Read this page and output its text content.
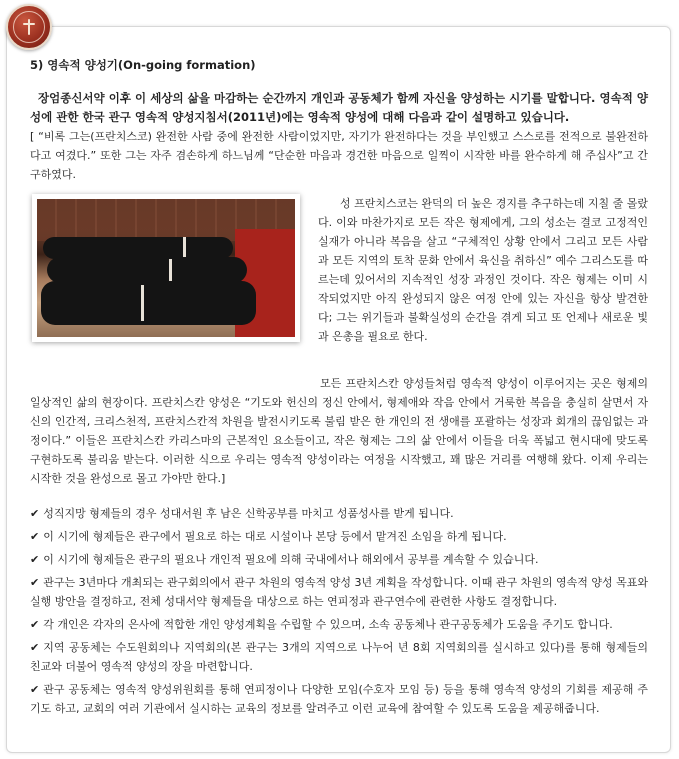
5) 영속적 양성기(On-going formation)

장엄종신서약 이후 이 세상의 삶을 마감하는 순간까지 개인과 공동체가 함께 자신을 양성하는 시기를 말합니다. 영속적 양성에 관한 한국 관구 영속적 양성지침서(2011년)에는 영속적 양성에 대해 다음과 같이 설명하고 있습니다.

[ “비록 그는(프란치스코) 완전한 사람 중에 완전한 사람이었지만, 자기가 완전하다는 것을 부인했고 스스로를 전적으로 불완전하다고 여겼다.” 또한 그는 자주 겸손하게 하느님께 “단순한 마음과 경건한 마음으로 일찍이 시작한 바를 완수하게 해 주십사”고 간구하였다.

성 프란치스코는 완덕의 더 높은 경지를 추구하는데 지칠 줄 몰랐다. 이와 마찬가지로 모든 작은 형제에게, 그의 성소는 결코 고정적인 실재가 아니라 복음을 살고 “구체적인 상황 안에서 그리고 모든 사람과 모든 지역의 토착 문화 안에서 육신을 취하신” 예수 그리스도를 따르는데 있어서의 지속적인 성장 과정인 것이다. 작은 형제는 이미 시작되었지만 아직 완성되지 않은 여정 안에 있는 자신을 항상 발견한다; 그는 위기들과 불확실성의 순간을 겪게 되고 또 언제나 새로운 빛과 은총을 필요로 한다.

모든 프란치스칸 양성들처럼 영속적 양성이 이루어지는 곳은 형제의 일상적인 삶의 현장이다. 프란치스칸 양성은 “기도와 헌신의 정신 안에서, 형제애와 작음 안에서 거룩한 복음을 충실히 살면서 자신의 인간적, 크리스천적, 프란치스칸적 차원을 발전시키도록 불림 받은 한 개인의 전 생애를 포괄하는 성장과 회개의 끊임없는 과정이다.” 이들은 프란치스칸 카리스마의 근본적인 요소들이고, 작은 형제는 그의 삶 안에서 이들을 더욱 폭넓고 현시대에 맞도록 구현하도록 불리움 받는다. 이러한 식으로 우리는 영속적 양성이라는 여정을 시작했고, 꽤 많은 거리를 여행해 왔다. 이제 우리는 시작한 것을 완성으로 몰고 가야만 한다.]

✔ 성직지망 형제들의 경우 성대서원 후 남은 신학공부를 마치고 성품성사를 받게 됩니다.
✔ 이 시기에 형제들은 관구에서 필요로 하는 대로 시설이나 본당 등에서 맡겨진 소임을 하게 됩니다.
✔ 이 시기에 형제들은 관구의 필요나 개인적 필요에 의해 국내에서나 해외에서 공부를 계속할 수 있습니다.
✔ 관구는 3년마다 개최되는 관구회의에서 관구 차원의 영속적 양성 3년 계획을 작성합니다. 이때 관구 차원의 영속적 양성 목표와 실행 방안을 결정하고, 전체 성대서약 형제들을 대상으로 하는 연피정과 관구연수에 관련한 사항도 결정합니다.
✔ 각 개인은 각자의 은사에 적합한 개인 양성계획을 수립할 수 있으며, 소속 공동체나 관구공동체가 도움을 주기도 합니다.
✔ 지역 공동체는 수도원회의나 지역회의(본 관구는 3개의 지역으로 나누어 년 8회 지역회의를 실시하고 있다)를 통해 형제들의 친교와 더불어 영속적 양성의 장을 마련합니다.
✔ 관구 공동체는 영속적 양성위원회를 통해 연피정이나 다양한 모임(수호자 모임 등) 등을 통해 영속적 양성의 기회를 제공해 주기도 하고, 교회의 여러 기관에서 실시하는 교육의 정보를 알려주고 이런 교육에 참여할 수 있도록 도움을 제공해줍니다.
